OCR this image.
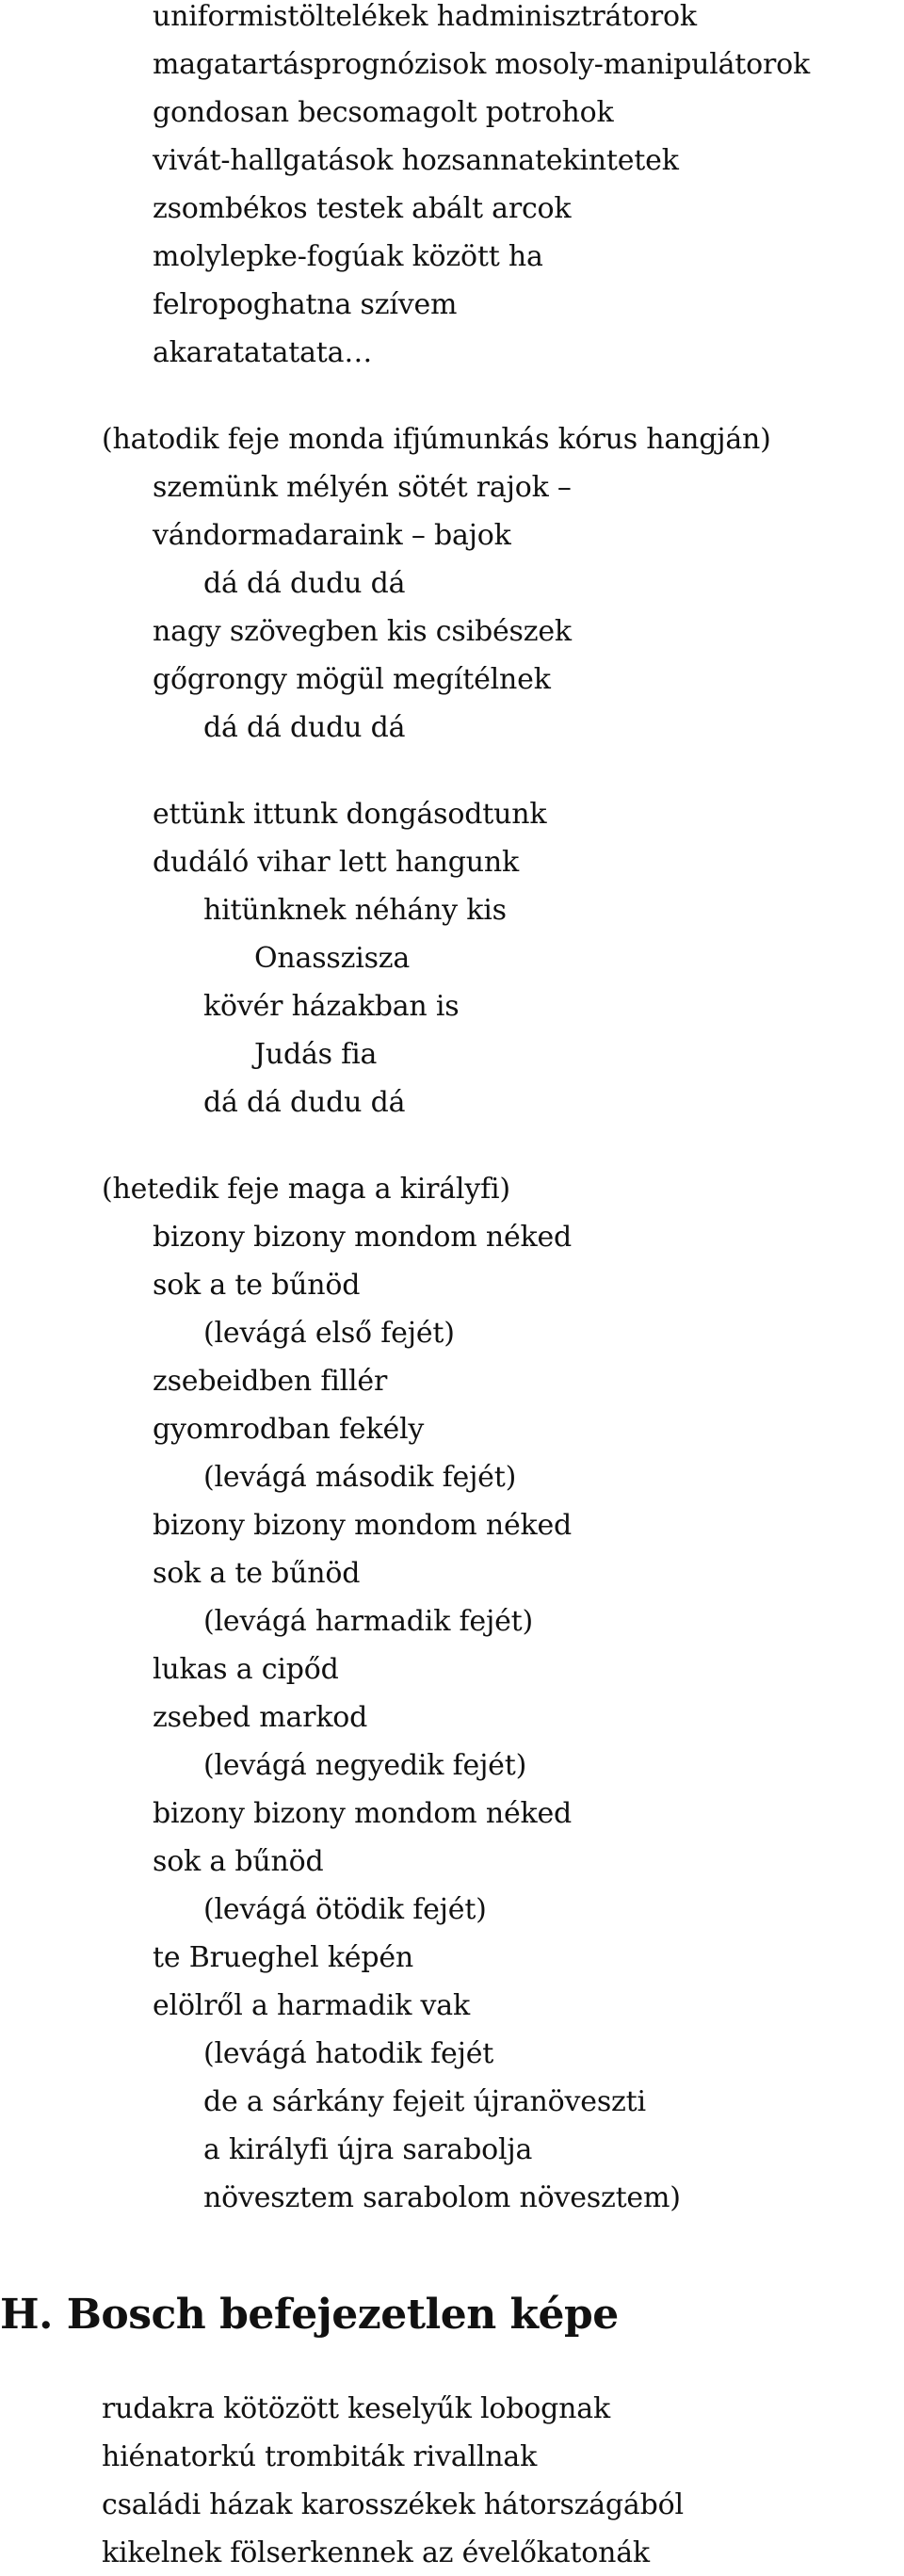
uniformistöltelékek hadminisztrátorok
magatartásprognózisok mosoly-manipulátorok
gondosan becsomagolt potrohok
vivát-hallgatások hozsannatekintetek
zsombékos testek abált arcok
molylepke-fogúak között ha
felropoghatna szívem
akaratatatata…
(hatodik feje monda ifjúmunkás kórus hangján)
szemünk mélyén sötét rajok –
vándormadaraink – bajok
dá dá dudu dá
nagy szövegben kis csibészek
gőgrongy mögül megítélnek
dá dá dudu dá
ettünk ittunk dongásodtunk
dudáló vihar lett hangunk
hitünknek néhány kis
Onasszisza
kövér házakban is
Judás fia
dá dá dudu dá
(hetedik feje maga a királyfi)
bizony bizony mondom néked
sok a te bűnöd
(levágá első fejét)
zsebeidben fillér
gyomrodban fekély
(levágá második fejét)
bizony bizony mondom néked
sok a te bűnöd
(levágá harmadik fejét)
lukas a cipőd
zsebed markod
(levágá negyedik fejét)
bizony bizony mondom néked
sok a bűnöd
(levágá ötödik fejét)
te Brueghel képén
elölről a harmadik vak
(levágá hatodik fejét
de a sárkány fejeit újranöveszti
a királyfi újra sarabolja
növesztem sarabolom növesztem)
H. Bosch befejezetlen képe
rudakra kötözött keselyűk lobognak
hiénatorkú trombiták rivallnak
családi házak karosszékek hátországából
kikelnek fölserkennek az évelőkatonák
